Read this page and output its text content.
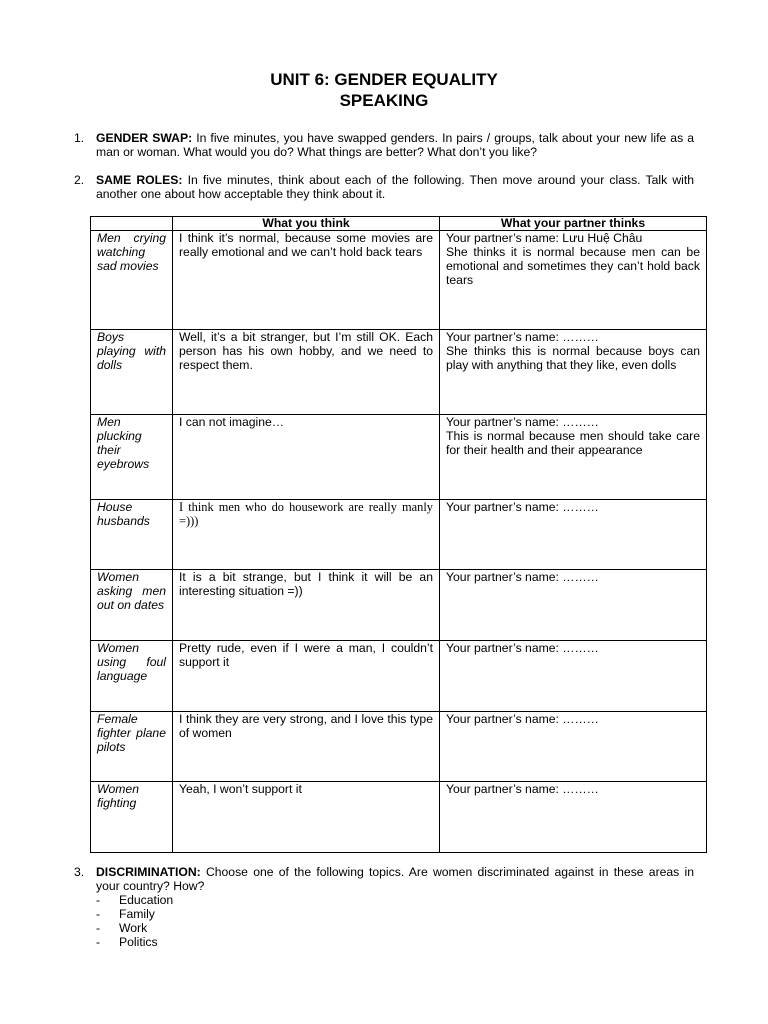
UNIT 6: GENDER EQUALITY
SPEAKING
1. GENDER SWAP: In five minutes, you have swapped genders. In pairs / groups, talk about your new life as a man or woman. What would you do? What things are better? What don’t you like?
2. SAME ROLES: In five minutes, think about each of the following. Then move around your class. Talk with another one about how acceptable they think about it.
	What you think	What your partner thinks
Men crying watching sad movies	I think it’s normal, because some movies are really emotional and we can’t hold back tears	Your partner’s name: Lưu Huệ Châu
She thinks it is normal because men can be emotional and sometimes they can’t hold back tears

Boys playing with dolls	Well, it’s a bit stranger, but I’m still OK. Each person has his own hobby, and we need to respect them.	Your partner’s name: ………
She thinks this is normal because boys can play with anything that they like, even dolls

Men plucking their eyebrows	I can not imagine…	Your partner’s name: ………
This is normal because men should take care for their health and their appearance

House husbands	I think men who do housework are really manly =)))	Your partner’s name: ………

Women asking men out on dates	It is a bit strange, but I think it will be an interesting situation =))	Your partner’s name: ………

Women using foul language	Pretty rude, even if I were a man, I couldn’t support it	Your partner’s name: ………

Female fighter plane pilots	I think they are very strong, and I love this type of women	Your partner’s name: ………

Women fighting	Yeah, I won’t support it	Your partner’s name: ………
3. DISCRIMINATION: Choose one of the following topics. Are women discriminated against in these areas in your country? How?
- Education
- Family
- Work
- Politics
